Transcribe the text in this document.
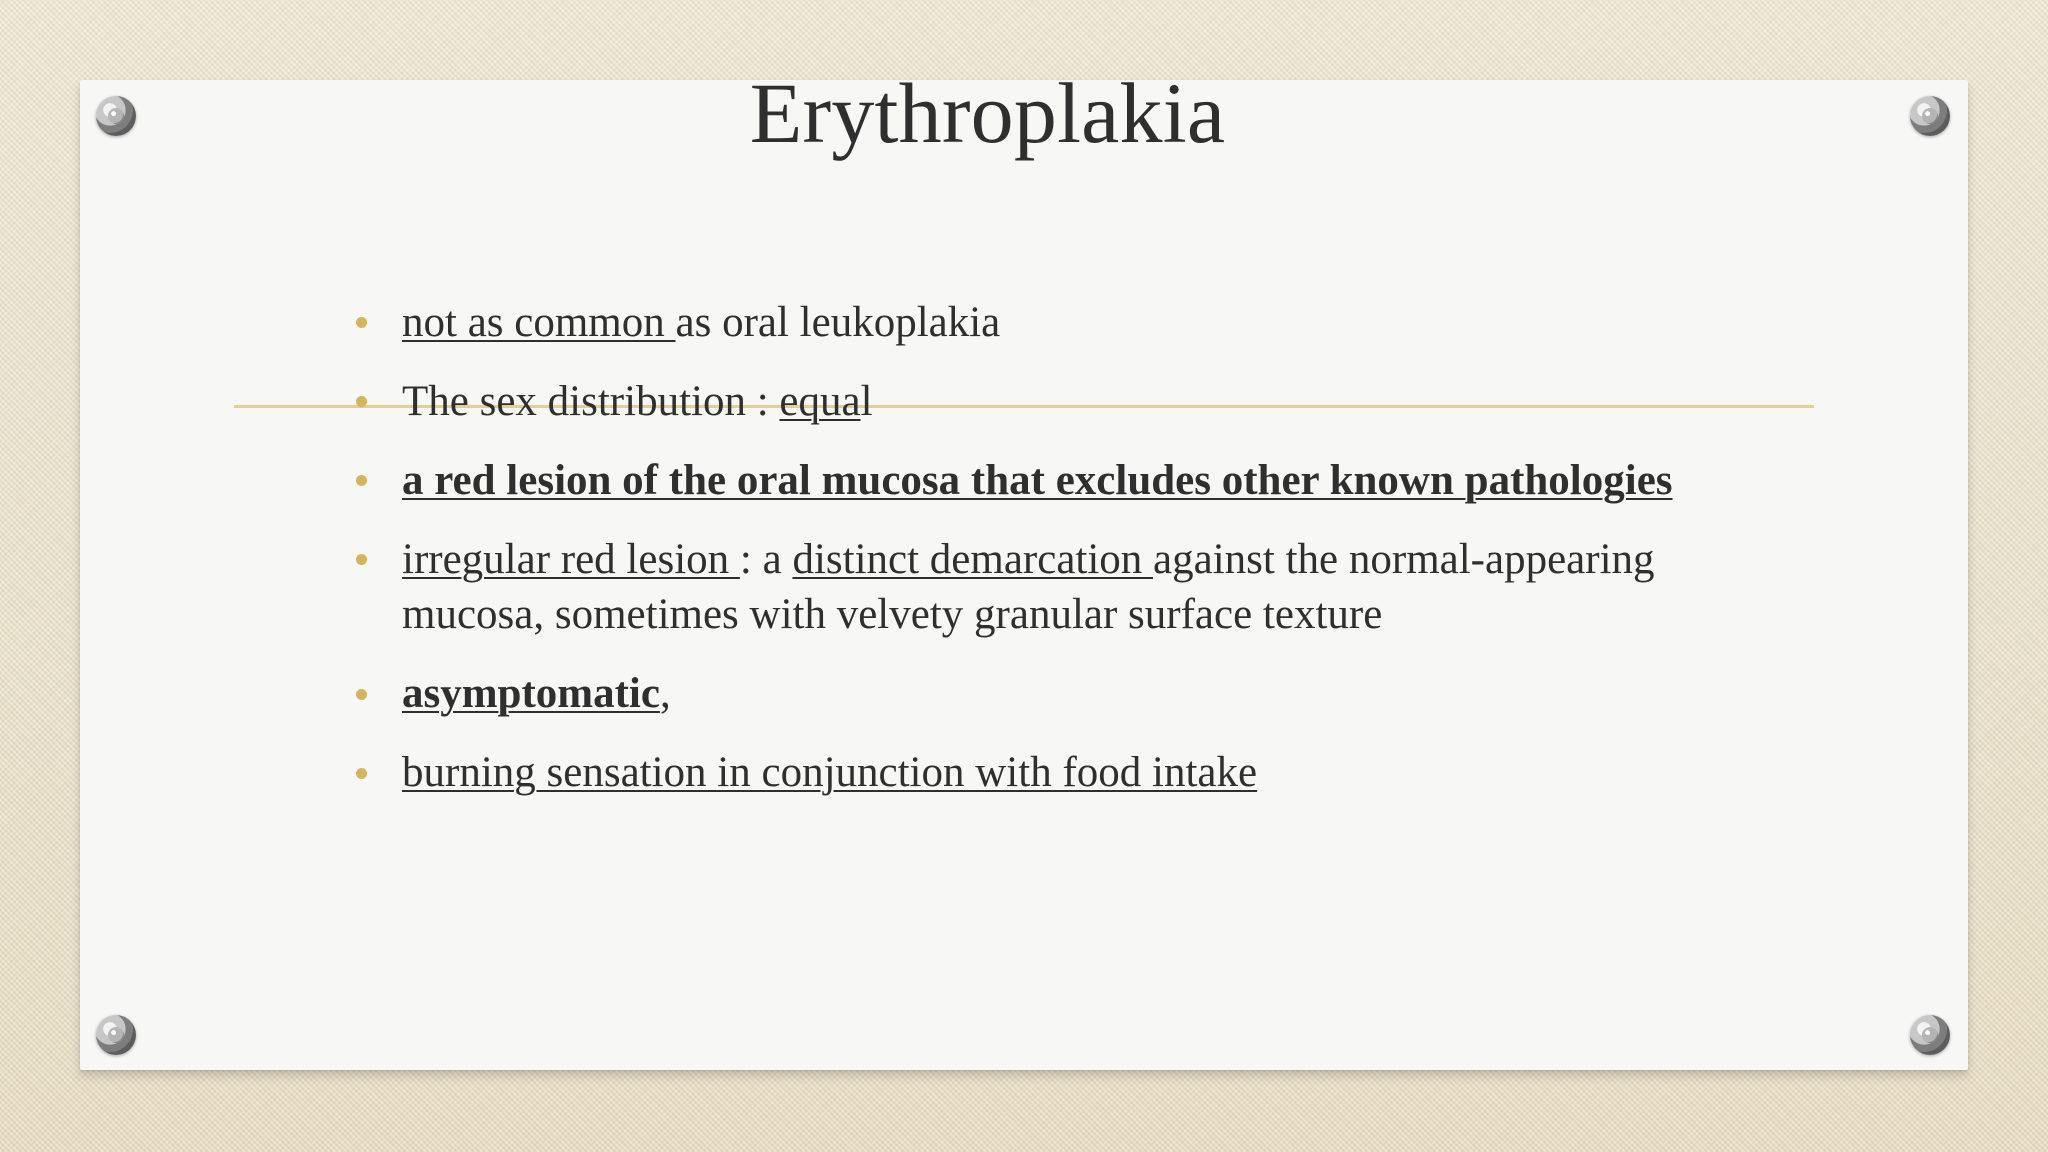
Erythroplakia
not as common as oral leukoplakia
The sex distribution : equal
a red lesion of the oral mucosa that excludes other known pathologies
irregular red lesion : a distinct demarcation against the normal-appearing mucosa, sometimes with velvety granular surface texture
asymptomatic,
burning sensation in conjunction with food intake
